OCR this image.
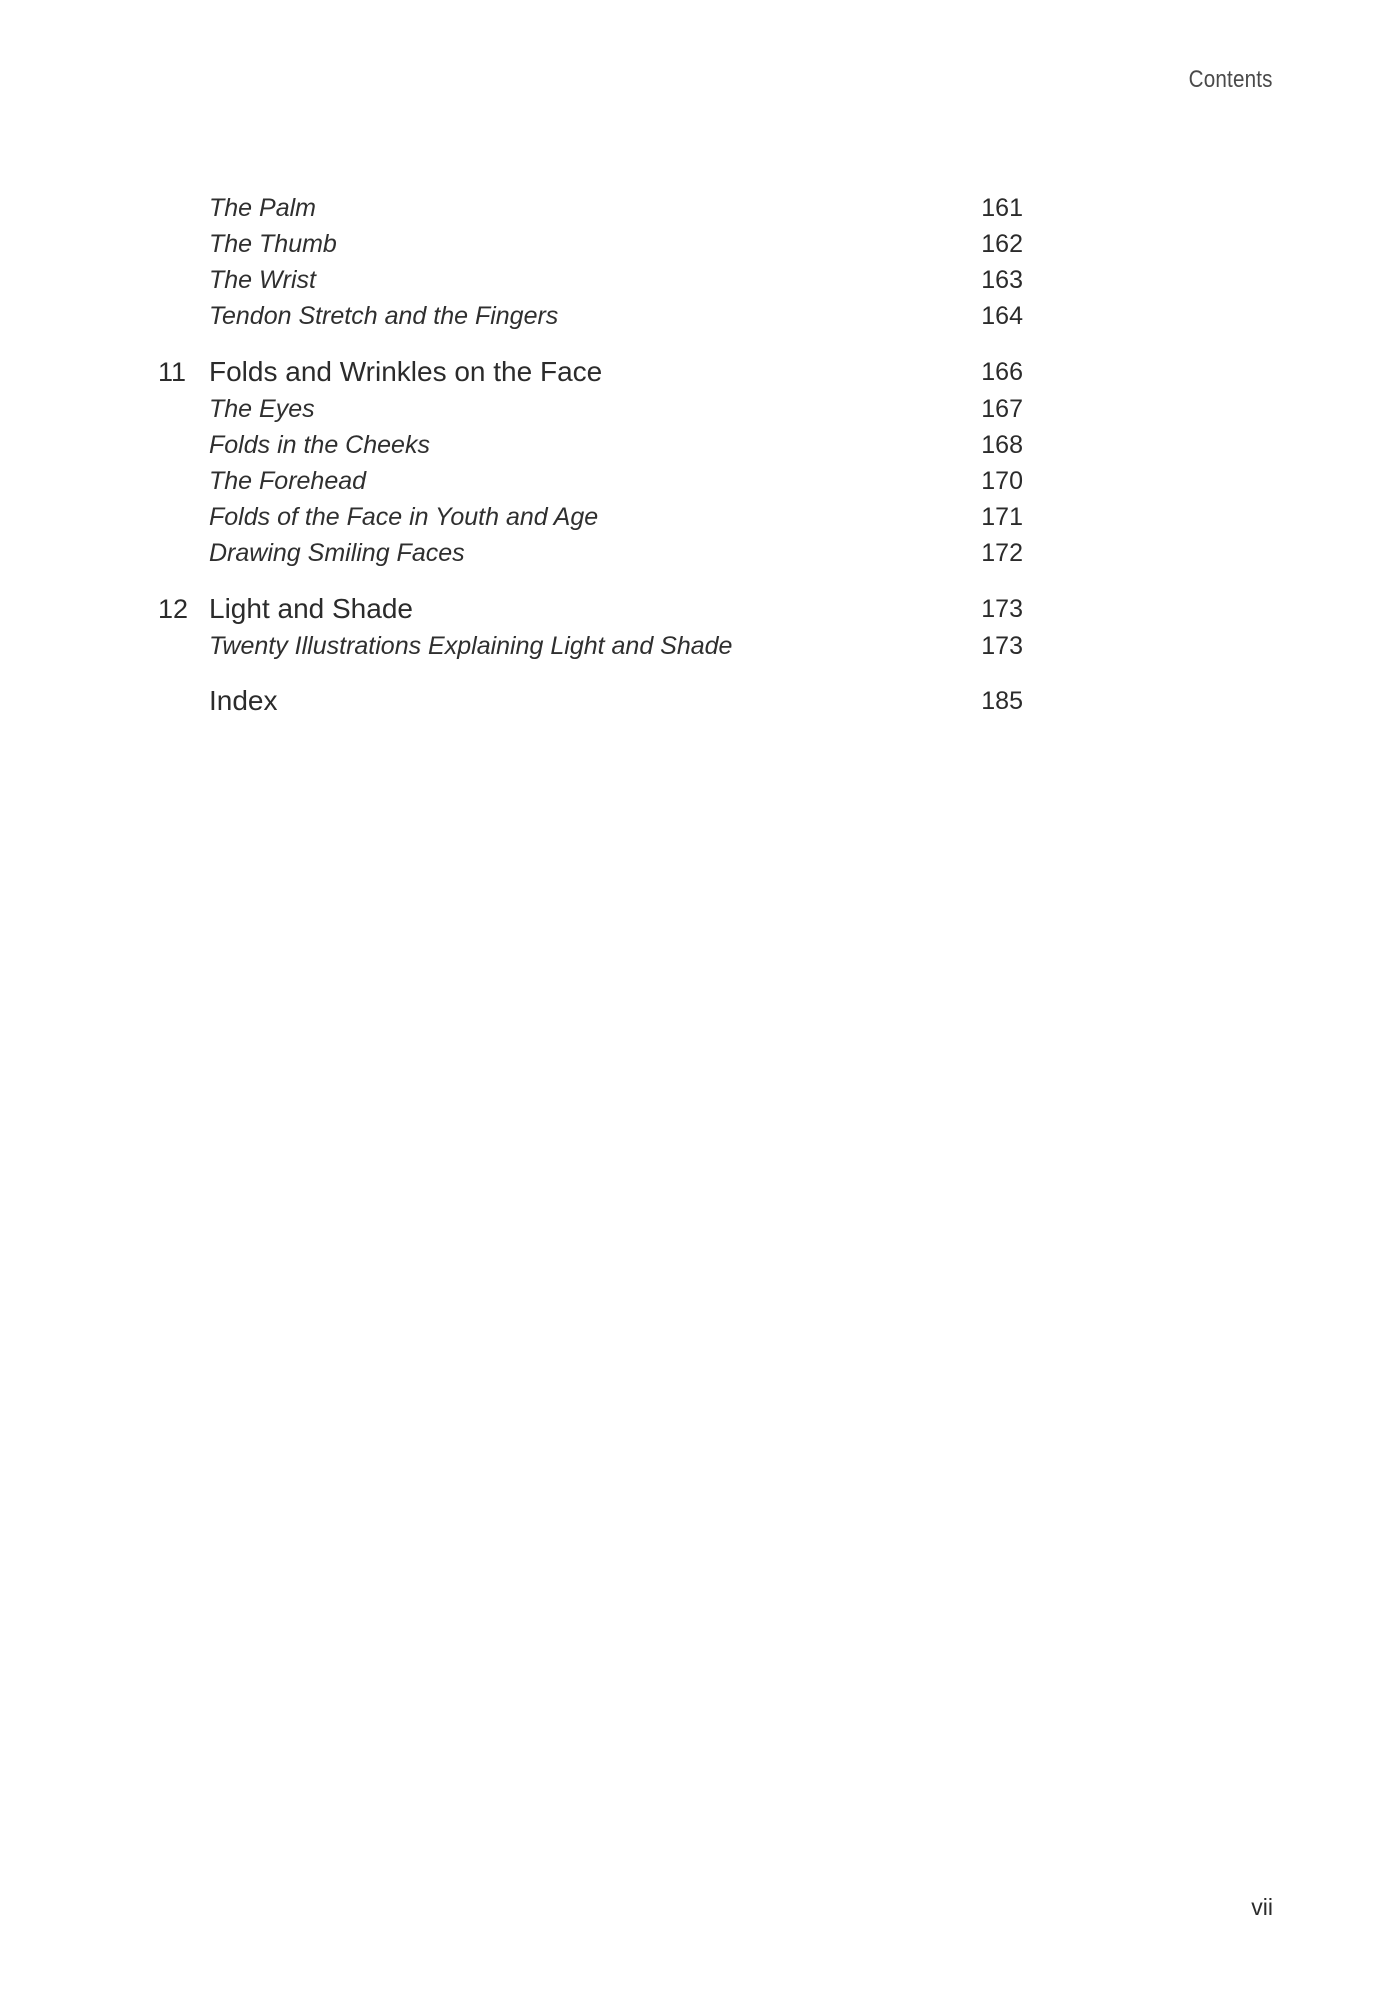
Contents
The Palm	161
The Thumb	162
The Wrist	163
Tendon Stretch and the Fingers	164
11 Folds and Wrinkles on the Face	166
The Eyes	167
Folds in the Cheeks	168
The Forehead	170
Folds of the Face in Youth and Age	171
Drawing Smiling Faces	172
12 Light and Shade	173
Twenty Illustrations Explaining Light and Shade	173
Index	185
vii
